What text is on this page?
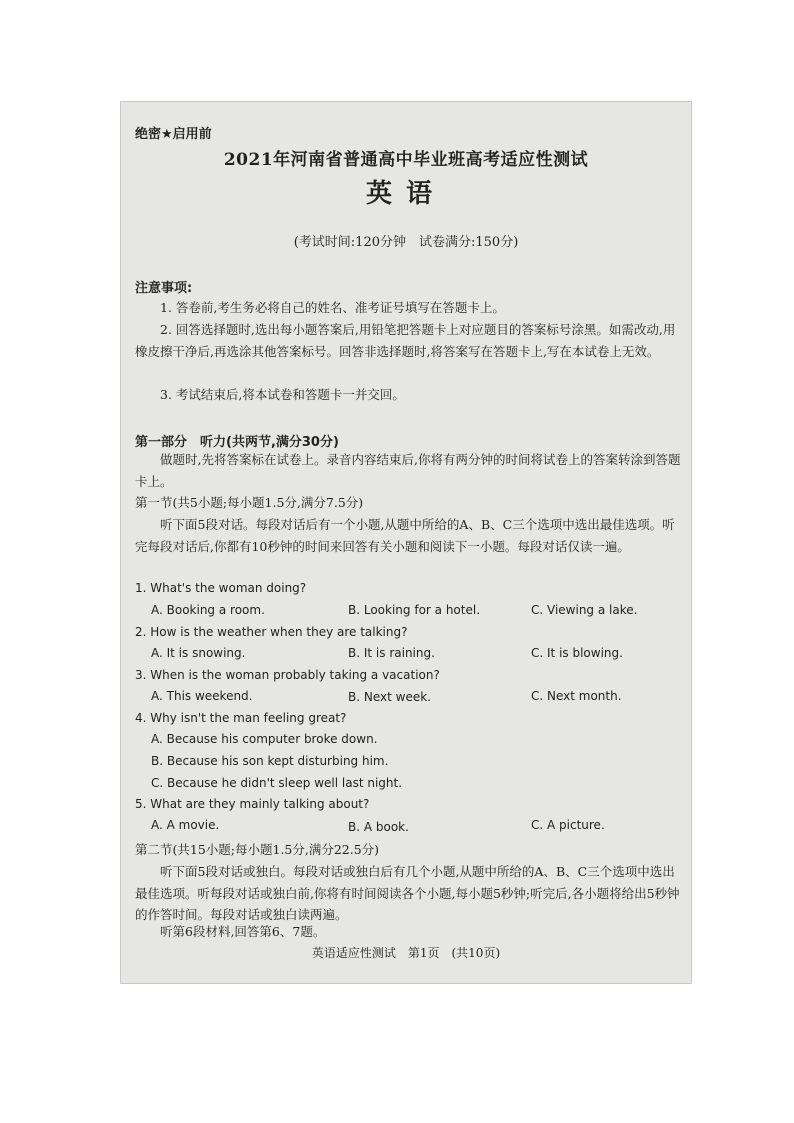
绝密★启用前
2021年河南省普通高中毕业班高考适应性测试
英语
(考试时间:120分钟　试卷满分:150分)
注意事项:
1. 答卷前,考生务必将自己的姓名、准考证号填写在答题卡上。
2. 回答选择题时,选出每小题答案后,用铅笔把答题卡上对应题目的答案标号涂黑。如需改动,用橡皮擦干净后,再选涂其他答案标号。回答非选择题时,将答案写在答题卡上,写在本试卷上无效。
3. 考试结束后,将本试卷和答题卡一并交回。
第一部分　听力(共两节,满分30分)
做题时,先将答案标在试卷上。录音内容结束后,你将有两分钟的时间将试卷上的答案转涂到答题卡上。
第一节(共5小题;每小题1.5分,满分7.5分)
听下面5段对话。每段对话后有一个小题,从题中所给的A、B、C三个选项中选出最佳选项。听完每段对话后,你都有10秒钟的时间来回答有关小题和阅读下一小题。每段对话仅读一遍。
1. What's the woman doing?
A. Booking a room.	B. Looking for a hotel.	C. Viewing a lake.
2. How is the weather when they are talking?
A. It is snowing.	B. It is raining.	C. It is blowing.
3. When is the woman probably taking a vacation?
A. This weekend.	B. Next week.	C. Next month.
4. Why isn't the man feeling great?
A. Because his computer broke down.
B. Because his son kept disturbing him.
C. Because he didn't sleep well last night.
5. What are they mainly talking about?
A. A movie.	B. A book.	C. A picture.
第二节(共15小题;每小题1.5分,满分22.5分)
听下面5段对话或独白。每段对话或独白后有几个小题,从题中所给的A、B、C三个选项中选出最佳选项。听每段对话或独白前,你将有时间阅读各个小题,每小题5秒钟;听完后,各小题将给出5秒钟的作答时间。每段对话或独白读两遍。
听第6段材料,回答第6、7题。
英语适应性测试　第1页　(共10页)
